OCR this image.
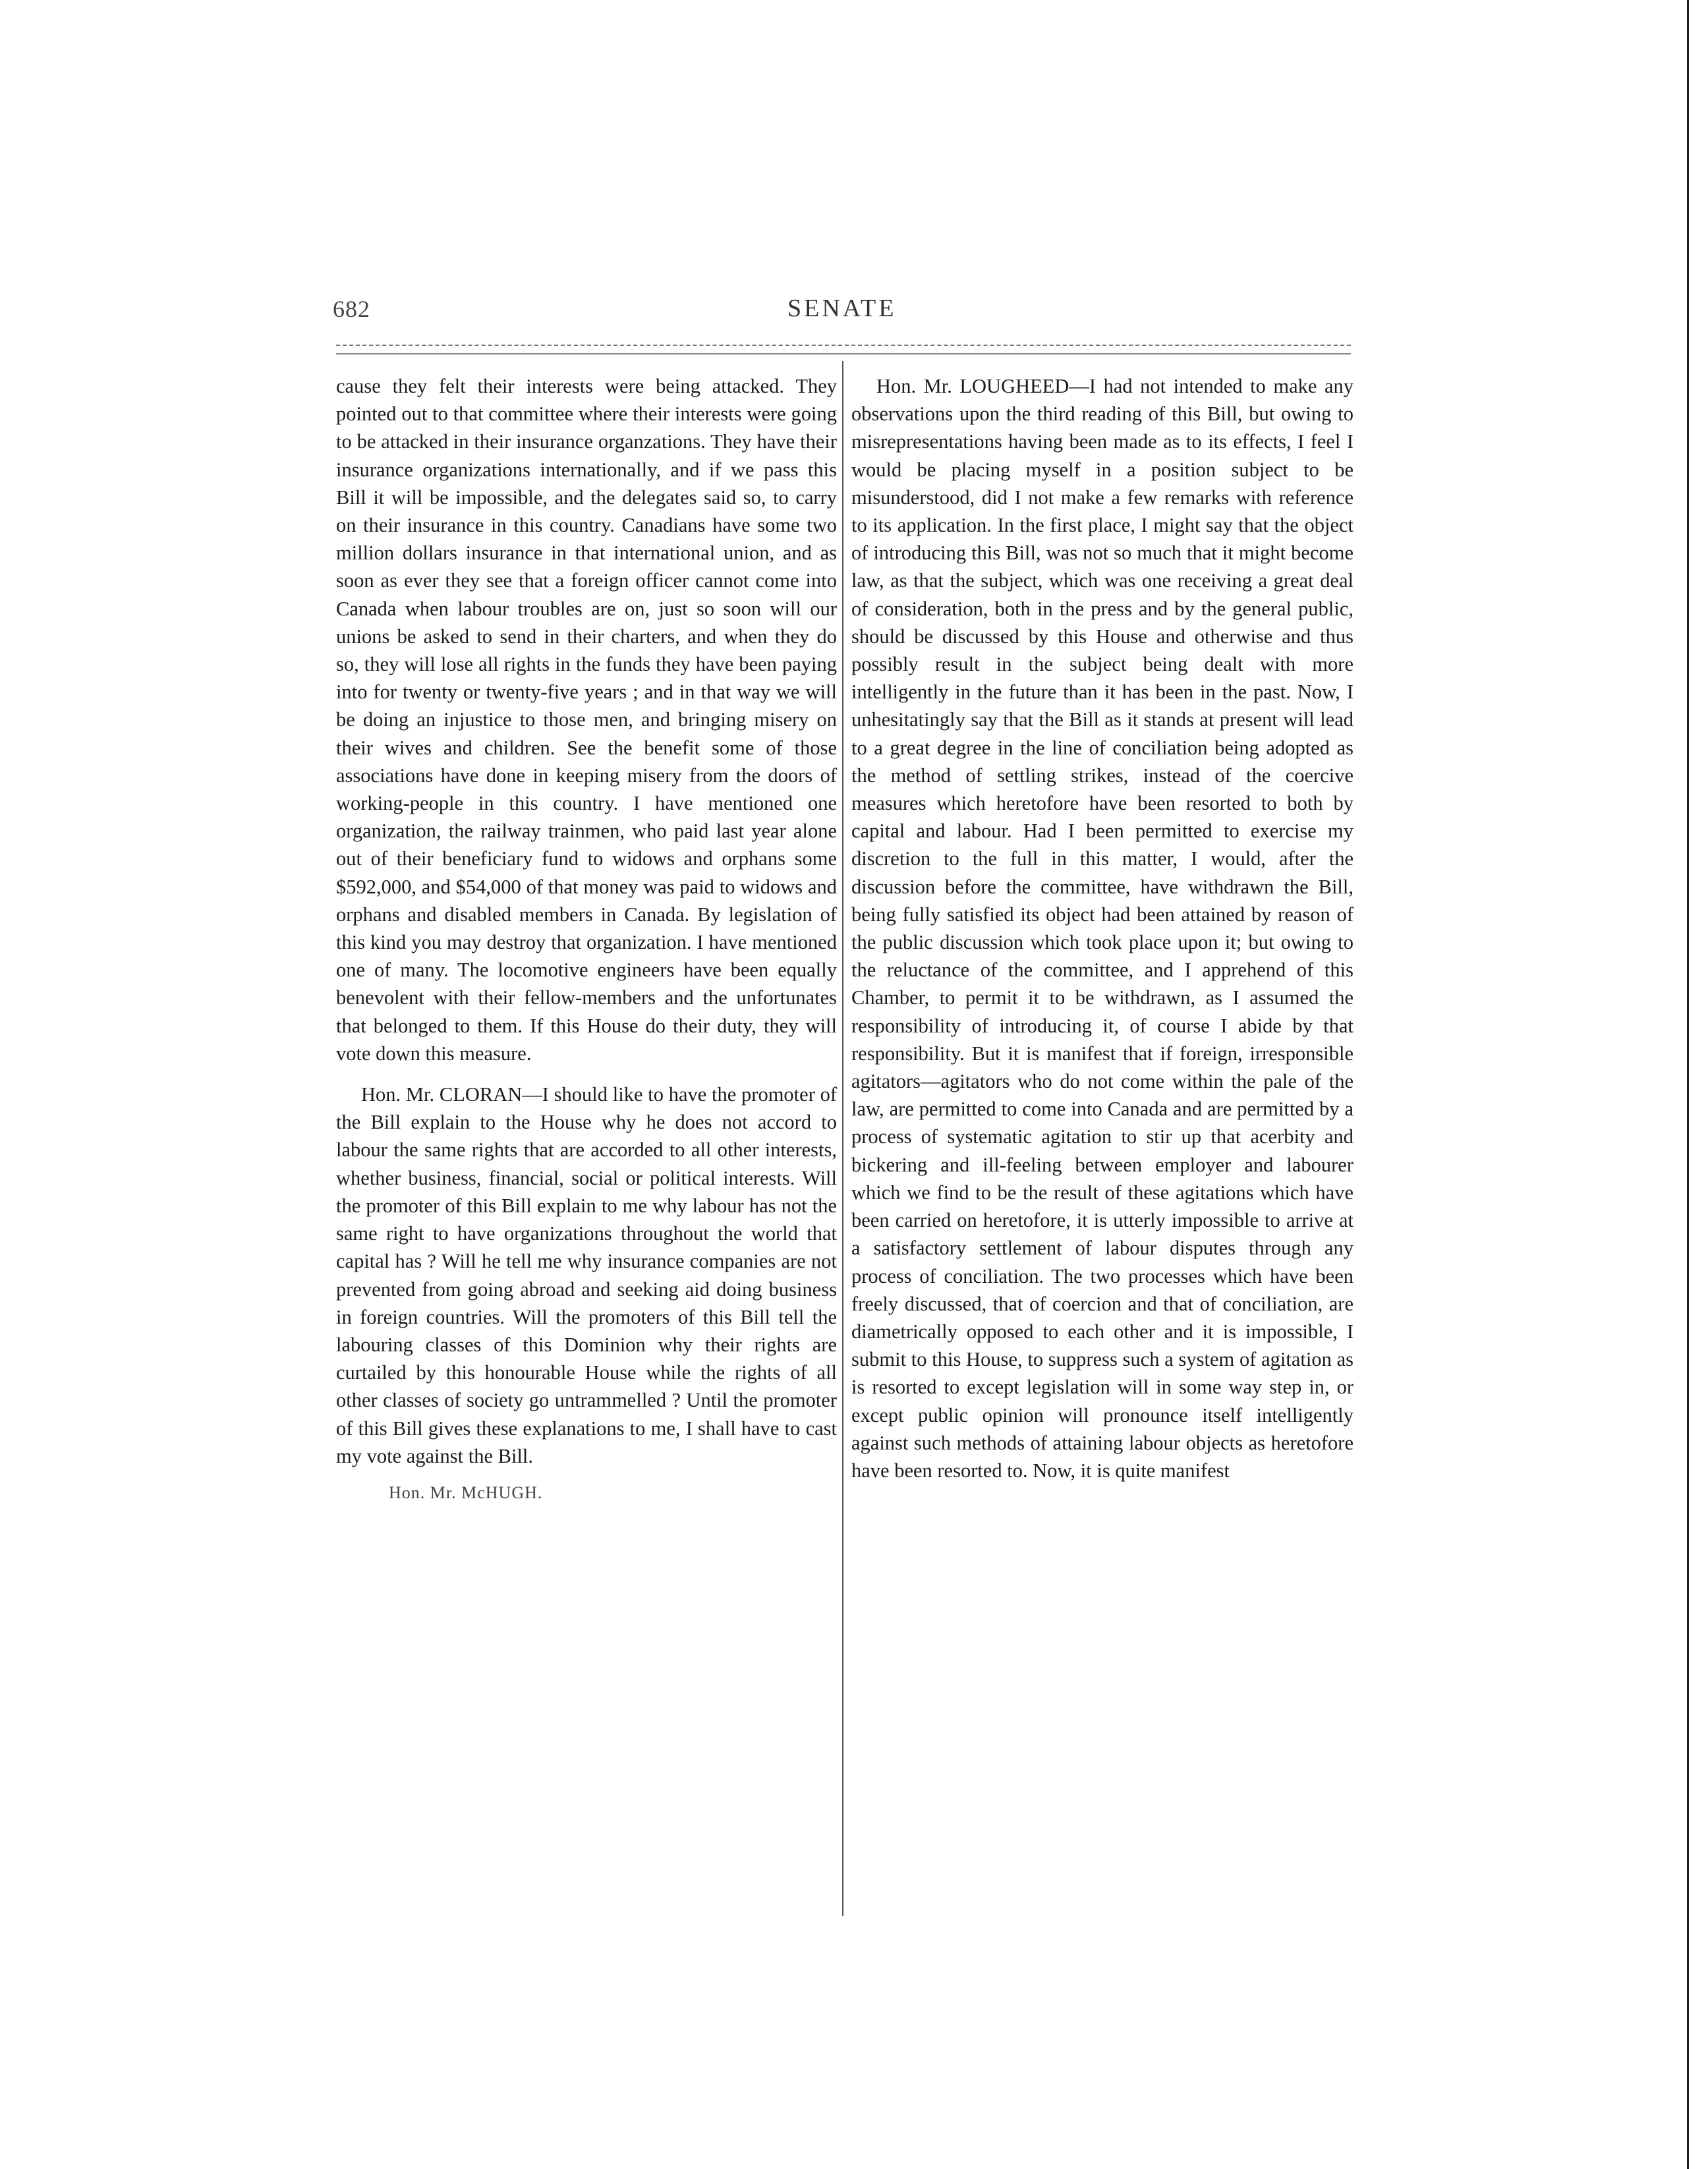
682	SENATE

cause they felt their interests were being attacked. They pointed out to that committee where their interests were going to be attacked in their insurance organzations. They have their insurance organizations internationally, and if we pass this Bill it will be impossible, and the delegates said so, to carry on their insurance in this country. Canadians have some two million dollars insurance in that international union, and as soon as ever they see that a foreign officer cannot come into Canada when labour troubles are on, just so soon will our unions be asked to send in their charters, and when they do so, they will lose all rights in the funds they have been paying into for twenty or twenty-five years ; and in that way we will be doing an injustice to those men, and bringing misery on their wives and children. See the benefit some of those associations have done in keeping misery from the doors of working-people in this country. I have mentioned one organization, the railway trainmen, who paid last year alone out of their beneficiary fund to widows and orphans some $592,000, and $54,000 of that money was paid to widows and orphans and disabled members in Canada. By legislation of this kind you may destroy that organization. I have mentioned one of many. The locomotive engineers have been equally benevolent with their fellow-members and the unfortunates that belonged to them. If this House do their duty, they will vote down this measure.

Hon. Mr. CLORAN—I should like to have the promoter of the Bill explain to the House why he does not accord to labour the same rights that are accorded to all other interests, whether business, financial, social or political interests. Will the promoter of this Bill explain to me why labour has not the same right to have organizations throughout the world that capital has ? Will he tell me why insurance companies are not prevented from going abroad and seeking aid doing business in foreign countries. Will the promoters of this Bill tell the labouring classes of this Dominion why their rights are curtailed by this honourable House while the rights of all other classes of society go untrammelled ? Until the promoter of this Bill gives these explanations to me, I shall have to cast my vote against the Bill.

Hon. Mr. McHUGH.

Hon. Mr. LOUGHEED—I had not intended to make any observations upon the third reading of this Bill, but owing to misrepresentations having been made as to its effects, I feel I would be placing myself in a position subject to be misunderstood, did I not make a few remarks with reference to its application. In the first place, I might say that the object of introducing this Bill, was not so much that it might become law, as that the subject, which was one receiving a great deal of consideration, both in the press and by the general public, should be discussed by this House and otherwise and thus possibly result in the subject being dealt with more intelligently in the future than it has been in the past. Now, I unhesitatingly say that the Bill as it stands at present will lead to a great degree in the line of conciliation being adopted as the method of settling strikes, instead of the coercive measures which heretofore have been resorted to both by capital and labour. Had I been permitted to exercise my discretion to the full in this matter, I would, after the discussion before the committee, have withdrawn the Bill, being fully satisfied its object had been attained by reason of the public discussion which took place upon it; but owing to the reluctance of the committee, and I apprehend of this Chamber, to permit it to be withdrawn, as I assumed the responsibility of introducing it, of course I abide by that responsibility. But it is manifest that if foreign, irresponsible agitators—agitators who do not come within the pale of the law, are permitted to come into Canada and are permitted by a process of systematic agitation to stir up that acerbity and bickering and ill-feeling between employer and labourer which we find to be the result of these agitations which have been carried on heretofore, it is utterly impossible to arrive at a satisfactory settlement of labour disputes through any process of conciliation. The two processes which have been freely discussed, that of coercion and that of conciliation, are diametrically opposed to each other and it is impossible, I submit to this House, to suppress such a system of agitation as is resorted to except legislation will in some way step in, or except public opinion will pronounce itself intelligently against such methods of attaining labour objects as heretofore have been resorted to. Now, it is quite manifest
